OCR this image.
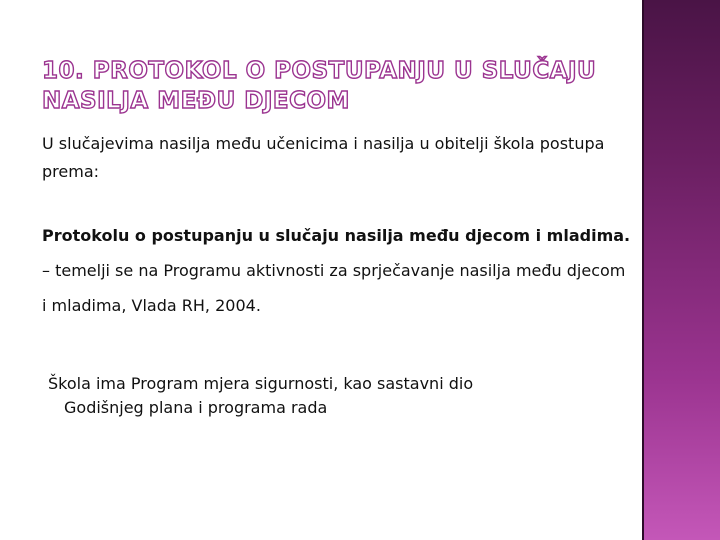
10. PROTOKOL O POSTUPANJU U SLUČAJU NASILJA MEĐU DJECOM

U slučajevima nasilja među učenicima i nasilja u obitelji škola postupa prema:

Protokolu o postupanju u slučaju nasilja među djecom i mladima. – temelji se na Programu aktivnosti za sprječavanje nasilja među djecom i mladima, Vlada RH, 2004.

Škola ima Program mjera sigurnosti, kao sastavni dio
Godišnjeg plana i programa rada
